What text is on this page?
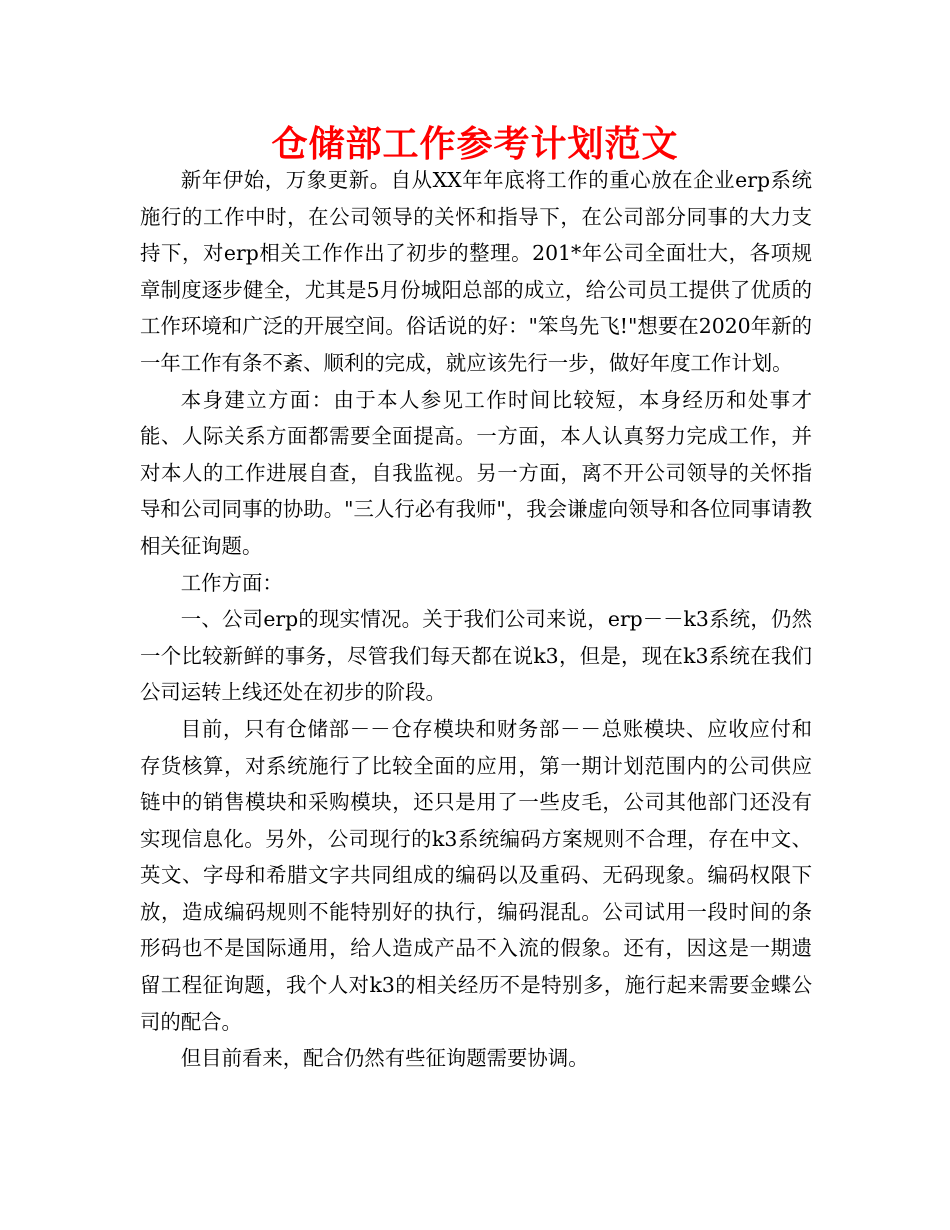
仓储部工作参考计划范文

新年伊始，万象更新。自从XX年年底将工作的重心放在企业erp系统施行的工作中时，在公司领导的关怀和指导下，在公司部分同事的大力支持下，对erp相关工作作出了初步的整理。201*年公司全面壮大，各项规章制度逐步健全，尤其是5月份城阳总部的成立，给公司员工提供了优质的工作环境和广泛的开展空间。俗话说的好："笨鸟先飞!"想要在2020年新的一年工作有条不紊、顺利的完成，就应该先行一步，做好年度工作计划。

本身建立方面：由于本人参见工作时间比较短，本身经历和处事才能、人际关系方面都需要全面提高。一方面，本人认真努力完成工作，并对本人的工作进展自查，自我监视。另一方面，离不开公司领导的关怀指导和公司同事的协助。"三人行必有我师"，我会谦虚向领导和各位同事请教相关征询题。

工作方面：

一、公司erp的现实情况。关于我们公司来说，erp－－k3系统，仍然一个比较新鲜的事务，尽管我们每天都在说k3，但是，现在k3系统在我们公司运转上线还处在初步的阶段。

目前，只有仓储部－－仓存模块和财务部－－总账模块、应收应付和存货核算，对系统施行了比较全面的应用，第一期计划范围内的公司供应链中的销售模块和采购模块，还只是用了一些皮毛，公司其他部门还没有实现信息化。另外，公司现行的k3系统编码方案规则不合理，存在中文、英文、字母和希腊文字共同组成的编码以及重码、无码现象。编码权限下放，造成编码规则不能特别好的执行，编码混乱。公司试用一段时间的条形码也不是国际通用，给人造成产品不入流的假象。还有，因这是一期遗留工程征询题，我个人对k3的相关经历不是特别多，施行起来需要金蝶公司的配合。

但目前看来，配合仍然有些征询题需要协调。
